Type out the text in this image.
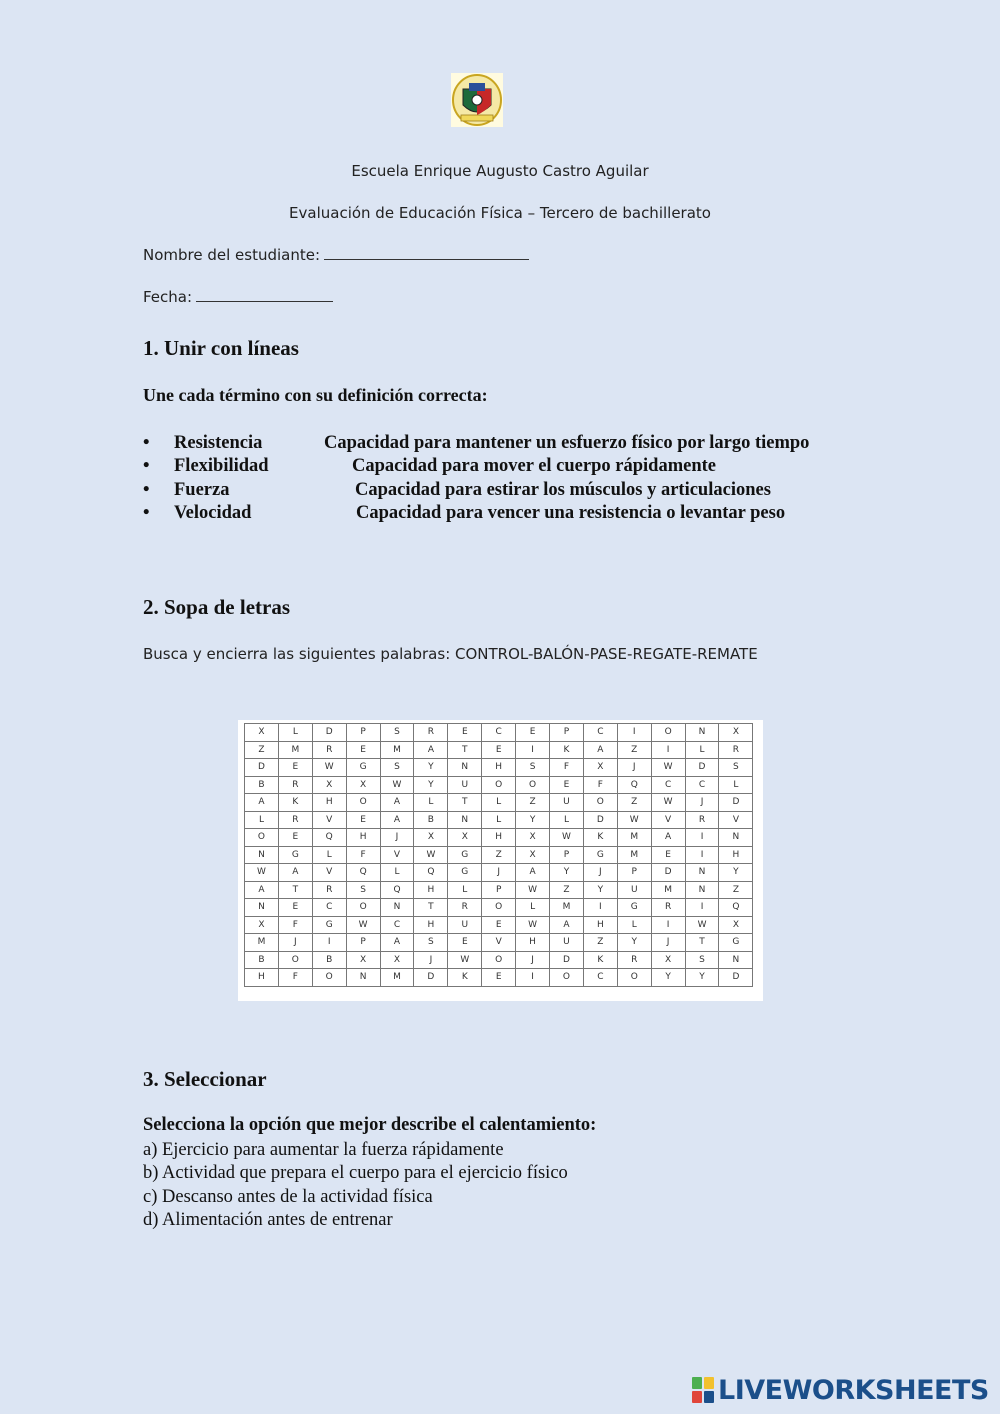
Escuela Enrique Augusto Castro Aguilar
Evaluación de Educación Física – Tercero de bachillerato
Nombre del estudiante:
Fecha:
1. Unir con líneas
Une cada término con su definición correcta:
• Resistencia	Capacidad para mantener un esfuerzo físico por largo tiempo
• Flexibilidad	Capacidad para mover el cuerpo rápidamente
• Fuerza	Capacidad para estirar los músculos y articulaciones
• Velocidad	Capacidad para vencer una resistencia o levantar peso
2. Sopa de letras
Busca y encierra las siguientes palabras: CONTROL-BALÓN-PASE-REGATE-REMATE
X	L	D	P	S	R	E	C	E	P	C	I	O	N	X
Z	M	R	E	M	A	T	E	I	K	A	Z	I	L	R
D	E	W	G	S	Y	N	H	S	F	X	J	W	D	S
B	R	X	X	W	Y	U	O	O	E	F	Q	C	C	L
A	K	H	O	A	L	T	L	Z	U	O	Z	W	J	D
L	R	V	E	A	B	N	L	Y	L	D	W	V	R	V
O	E	Q	H	J	X	X	H	X	W	K	M	A	I	N
N	G	L	F	V	W	G	Z	X	P	G	M	E	I	H
W	A	V	Q	L	Q	G	J	A	Y	J	P	D	N	Y
A	T	R	S	Q	H	L	P	W	Z	Y	U	M	N	Z
N	E	C	O	N	T	R	O	L	M	I	G	R	I	Q
X	F	G	W	C	H	U	E	W	A	H	L	I	W	X
M	J	I	P	A	S	E	V	H	U	Z	Y	J	T	G
B	O	B	X	X	J	W	O	J	D	K	R	X	S	N
H	F	O	N	M	D	K	E	I	O	C	O	Y	Y	D
3. Seleccionar
Selecciona la opción que mejor describe el calentamiento:
a) Ejercicio para aumentar la fuerza rápidamente
b) Actividad que prepara el cuerpo para el ejercicio físico
c) Descanso antes de la actividad física
d) Alimentación antes de entrenar
LIVEWORKSHEETS
